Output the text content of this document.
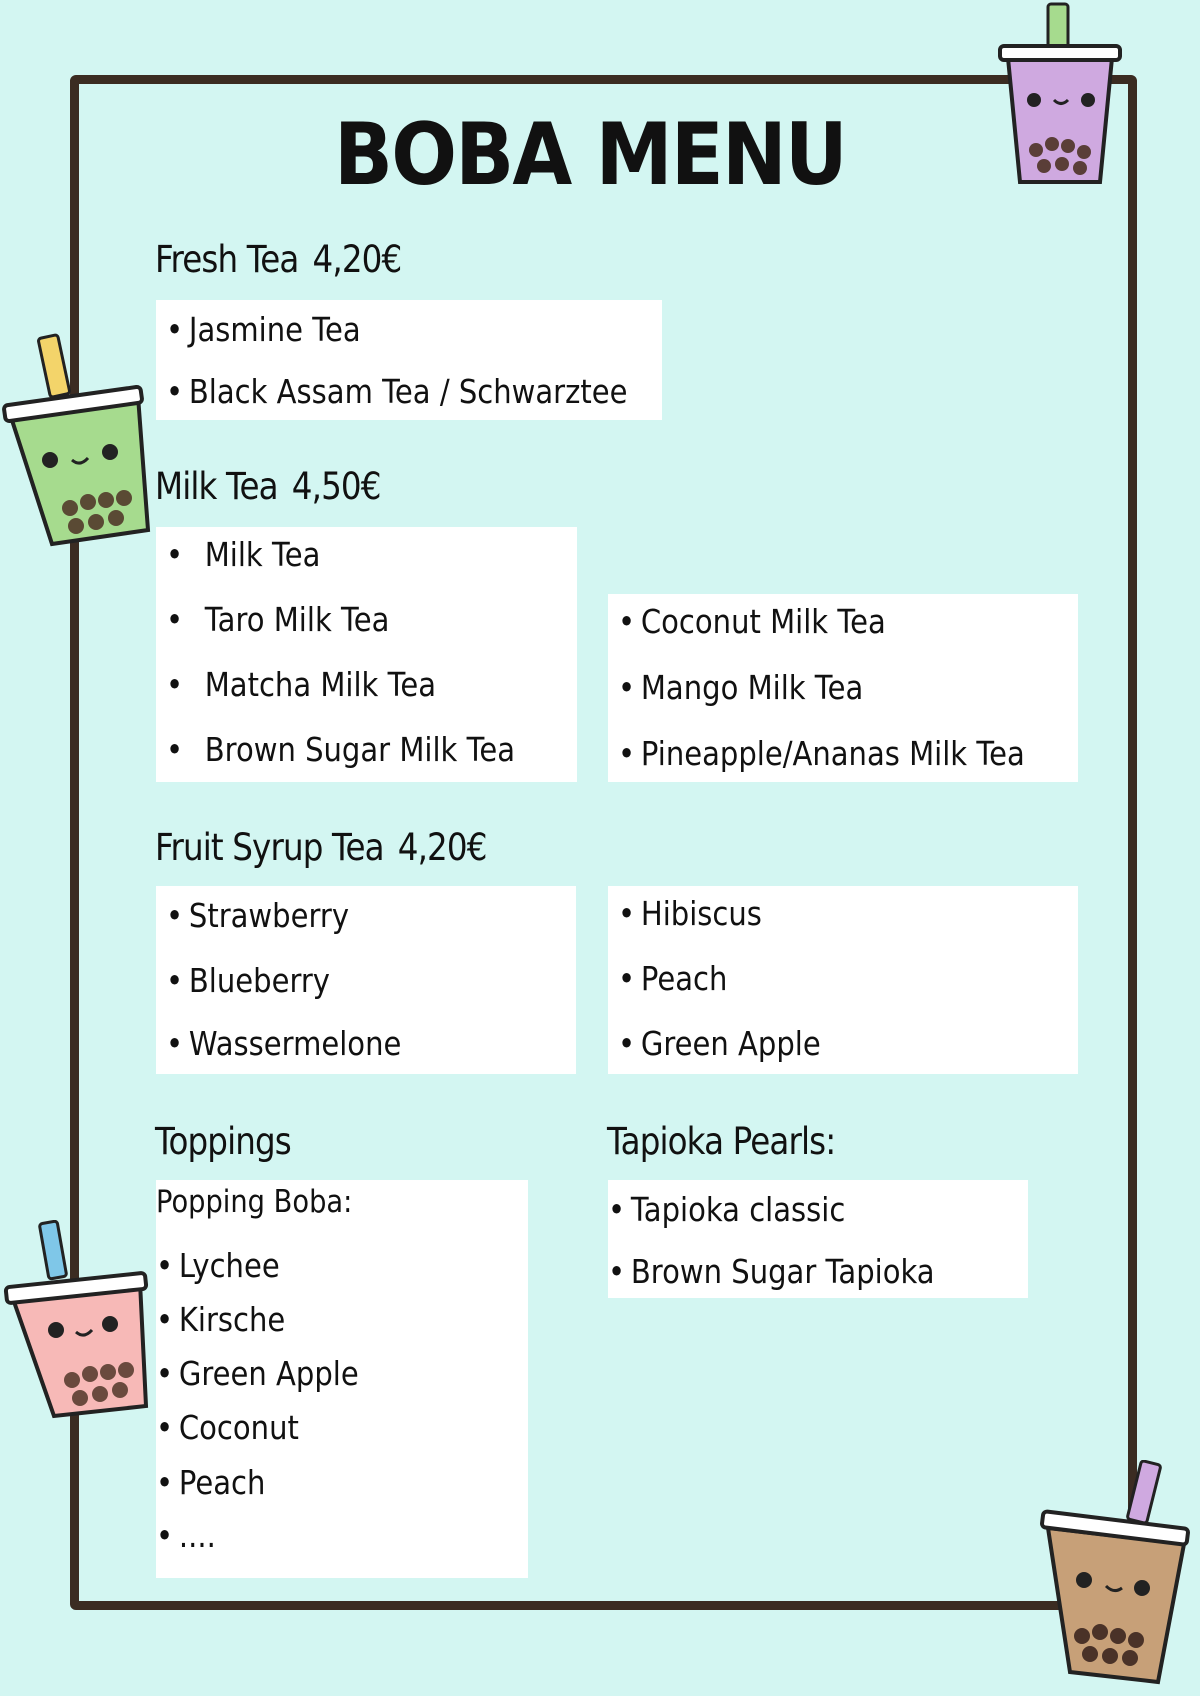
BOBA MENU
Fresh Tea 4,20€
• Jasmine Tea
• Black Assam Tea / Schwarztee
Milk Tea 4,50€
• Milk Tea
• Taro Milk Tea
• Matcha Milk Tea
• Brown Sugar Milk Tea
• Coconut Milk Tea
• Mango Milk Tea
• Pineapple/Ananas Milk Tea
Fruit Syrup Tea 4,20€
• Strawberry
• Blueberry
• Wassermelone
• Hibiscus
• Peach
• Green Apple
Toppings
Popping Boba:
• Lychee
• Kirsche
• Green Apple
• Coconut
• Peach
• ....
Tapioka Pearls:
• Tapioka classic
• Brown Sugar Tapioka
